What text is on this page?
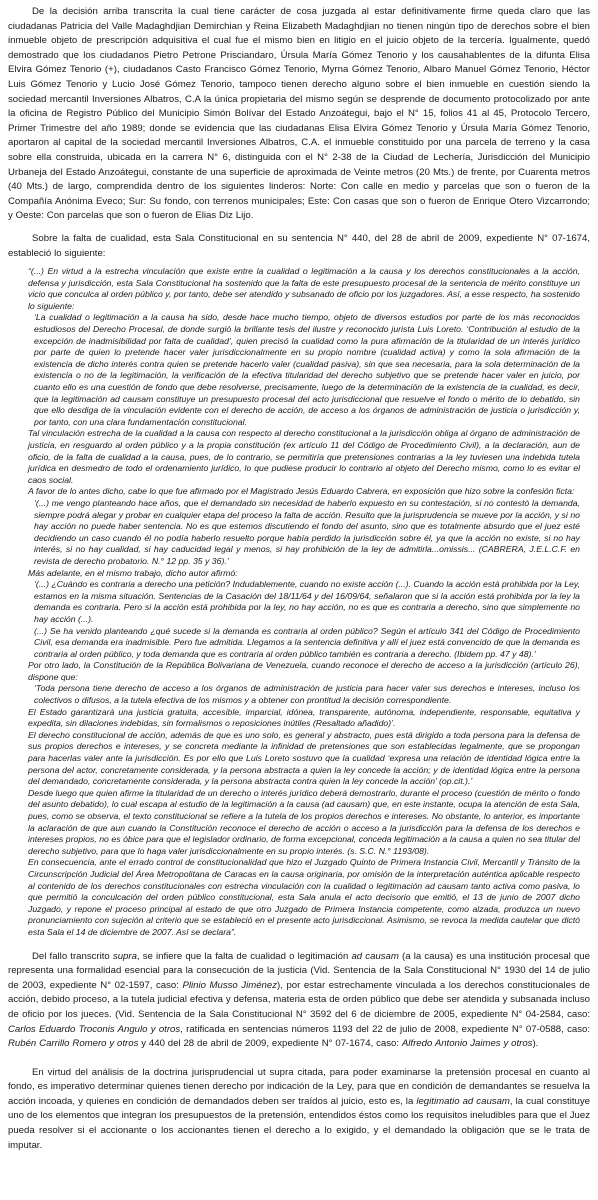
De la decisión arriba transcrita la cual tiene carácter de cosa juzgada al estar definitivamente firme queda claro que las ciudadanas Patricia del Valle Madaghdjian Demirchian y Reina Elizabeth Madaghdjian no tienen ningún tipo de derechos sobre el bien inmueble objeto de prescripción adquisitiva el cual fue el mismo bien en litigio en el juicio objeto de la tercería. Igualmente, quedó demostrado que los ciudadanos Pietro Petrone Prisciandaro, Úrsula María Gómez Tenorio y los causahablentes de la difunta Elisa Elvira Gómez Tenorio (+), ciudadanos Casto Francisco Gómez Tenorio, Myrna Gómez Tenorio, Albaro Manuel Gómez Tenorio, Héctor Luis Gómez Tenorio y Lucio José Gómez Tenorio, tampoco tienen derecho alguno sobre el bien inmueble en cuestión siendo la sociedad mercantil Inversiones Albatros, C.A la única propietaria del mismo según se desprende de documento protocolizado por ante la oficina de Registro Público del Municipio Simón Bolívar del Estado Anzoátegui, bajo el N° 15, folios 41 al 45, Protocolo Tercero, Primer Trimestre del año 1989; donde se evidencia que las ciudadanas Elisa Elvira Gómez Tenorio y Úrsula María Gómez Tenorio, aportaron al capital de la sociedad mercantil Inversiones Albatros, C.A. el inmueble constituido por una parcela de terreno y la casa sobre ella construida, ubicada en la carrera N° 6, distinguida con el N° 2-38 de la Ciudad de Lechería, Jurisdicción del Municipio Urbaneja del Estado Anzoátegui, constante de una superficie de aproximada de Veinte metros (20 Mts.) de frente, por Cuarenta metros (40 Mts.) de largo, comprendida dentro de los siguientes linderos: Norte: Con calle en medio y parcelas que son o fueron de la Compañía Anónima Eveco; Sur: Su fondo, con terrenos municipales; Este: Con casas que son o fueron de Enrique Otero Vizcarrondo; y Oeste: Con parcelas que son o fueron de Elias Diz Lijo.

Sobre la falta de cualidad, esta Sala Constitucional en su sentencia N° 440, del 28 de abril de 2009, expediente N° 07-1674, estableció lo siguiente:

“(...) En virtud a la estrecha vinculación que existe entre la cualidad o legitimación a la causa y los derechos constitucionales a la acción, defensa y jurisdicción, esta Sala Constitucional ha sostenido que la falta de este presupuesto procesal de la sentencia de mérito constituye un vicio que conculca al orden público y, por tanto, debe ser atendido y subsanado de oficio por los juzgadores. Así, a esse respecto, ha sostenido lo siguiente:

‘La cualidad o legitimación a la causa ha sido, desde hace mucho tiempo, objeto de diversos estudios por parte de los más reconocidos estudiosos del Derecho Procesal, de donde surgió la brillante tesis del ilustre y reconocido jurista Luis Loreto. ‘Contribución al estudio de la excepción de inadmisibilidad por falta de cualidad’, quien precisó la cualidad como la pura afirmación de la titularidad de un interés jurídico por parte de quien lo pretende hacer valer jurisdiccionalmente en su propio nombre (cualidad activa) y como la sola afirmación de la existencia de dicho interés contra quien se pretende hacerlo valer (cualidad pasiva), sin que sea necesaria, para la sola determinación de la existencia o no de la legitimación, la verificación de la efectiva titularidad del derecho subjetivo que se pretende hacer valer en juicio, por cuanto ello es una cuestión de fondo que debe resolverse, precisamente, luego de la determinación de la existencia de la cualidad, es decir, que la legitimación ad causam constituye un presupuesto procesal del acto jurisdiccional que resuelve el fondo o mérito de lo debatido, sin que ello desdiga de la vinculación evidente con el derecho de acción, de acceso a los órganos de administración de justicia o jurisdicción y, por tanto, con una clara fundamentación constitucional.

Tal vinculación estrecha de la cualidad a la causa con respecto al derecho constitucional a la jurisdicción obliga al órgano de administración de justicia, en resguardo al orden público y a la propia constitución (ex artículo 11 del Código de Procedimiento Civil), a la declaración, aun de oficio, de la falta de cualidad a la causa, pues, de lo contrario, se permitiría que pretensiones contrarias a la ley tuviesen una indebida tutela jurídica en desmedro de todo el ordenamiento jurídico, lo que pudiese producir lo contrario al objeto del Derecho mismo, como lo es evitar el caos social.

A favor de lo antes dicho, cabe lo que fue afirmado por el Magistrado Jesús Eduardo Cabrera, en exposición que hizo sobre la confesión ficta:

‘(...) me vengo planteando hace años, que el demandado sin necesidad de haberlo expuesto en su contestación, si no contestó la demanda, siempre podrá alegar y probar en cualquier etapa del proceso la falta de acción. Resulto que la jurisprudencia se mueve por la acción, y si no hay acción no puede haber sentencia. No es que estemos discutiendo el fondo del asunto, sino que es totalmente absurdo que el juez esté decidiendo un caso cuando él no podía haberlo resuelto porque había perdido la jurisdicción sobre él, ya que la acción no existe, si no hay interés, si no hay cualidad, si hay caducidad legal y menos, si hay prohibición de la ley de admitirla...omissis... (CABRERA, J.E.L.C.F. en revista de derecho probatorio. N.° 12 pp. 35 y 36).’

Más adelante, en el mismo trabajo, dicho autor afirmó:

‘(...) ¿Cuándo es contraria a derecho una petición? Indudablemente, cuando no existe acción (...). Cuando la acción está prohibida por la Ley, estamos en la misma situación. Sentencias de la Casación del 18/11/64 y del 16/09/64, señalaron que si la acción está prohibida por la ley la demanda es contraria. Pero si la acción está prohibida por la ley, no hay acción, no es que es contraria a derecho, sino que simplemente no hay acción (...).

(...) Se ha venido planteando ¿qué sucede si la demanda es contraria al orden público? Según el artículo 341 del Código de Procedimiento Civil, esa demanda era inadmisible. Pero fue admitida. Llegamos a la sentencia definitiva y allí el juez está convencido de que la demanda es contraria al orden público, y toda demanda que es contraria al orden público también es contraria a derecho. (Ibidem pp. 47 y 48).’

Por otro lado, la Constitución de la República Bolivariana de Venezuela, cuando reconoce el derecho de acceso a la jurisdicción (artículo 26), dispone que:

‘Toda persona tiene derecho de acceso a los órganos de administración de justicia para hacer valer sus derechos e intereses, incluso los colectivos o difusos, a la tutela efectiva de los mismos y a obtener con prontitud la decisión correspondiente.

El Estado garantizará una justicia gratuita, accesible, imparcial, idónea, transparente, autónoma, independiente, responsable, equitativa y expedita, sin dilaciones indebidas, sin formalismos o reposiciones inútiles (Resaltado añadido)’.

El derecho constitucional de acción, además de que es uno solo, es general y abstracto, pues está dirigido a toda persona para la defensa de sus propios derechos e intereses, y se concreta mediante la infinidad de pretensiones que son establecidas legalmente, que se propongan para hacerlas valer ante la jurisdicción. Es por ello que Luis Loreto sostuvo que la cualidad ‘expresa una relación de identidad lógica entre la persona del actor, concretamente considerada, y la persona abstracta a quien la ley concede la acción; y de identidad lógica entre la persona del demandado, concretamente considerada, y la persona abstracta contra quien la ley concede la acción’ (op.cit.).’

Desde luego que quien afirme la titularidad de un derecho o interés jurídico deberá demostrarlo, durante el proceso (cuestión de mérito o fondo del asunto debatido), lo cual escapa al estudio de la legitimación a la causa (ad causam) que, en este instante, ocupa la atención de esta Sala, pues, como se observa, el texto constitucional se refiere a la tutela de los propios derechos e intereses. No obstante, lo anterior, es importante la aclaración de que aun cuando la Constitución reconoce el derecho de acción o acceso a la jurisdicción para la defensa de los derechos e intereses propios, no es óbice para que el legislador ordinario, de forma excepcional, conceda legitimación a la causa a quien no sea titular del derecho subjetivo, para que lo haga valer jurisdiccionalmente en su propio interés. (s. S.C. N.° 1193/08).

En consecuencia, ante el errado control de constitucionalidad que hizo el Juzgado Quinto de Primera Instancia Civil, Mercantil y Tránsito de la Circunscripción Judicial del Área Metropolitana de Caracas en la causa originaria, por omisión de la interpretación auténtica aplicable respecto al contenido de los derechos constitucionales con estrecha vinculación con la cualidad o legitimación ad causam tanto activa como pasiva, lo que permitió la conculcación del orden público constitucional, esta Sala anula el acto decisorio que emitió, el 13 de junio de 2007 dicho Juzgado, y repone el proceso principal al estado de que otro Juzgado de Primera Instancia competente, como alzada, produzca un nuevo pronunciamiento con sujeción al criterio que se estableció en el presente acto jurisdiccional. Asimismo, se revoca la medida cautelar que dictó esta Sala el 14 de diciembre de 2007. Así se declara”.

Del fallo transcrito supra, se infiere que la falta de cualidad o legitimación ad causam (a la causa) es una institución procesal que representa una formalidad esencial para la consecución de la justicia (Vid. Sentencia de la Sala Constitucional N° 1930 del 14 de julio de 2003, expediente N° 02-1597, caso: Plinio Musso Jiménez), por estar estrechamente vinculada a los derechos constitucionales de acción, debido proceso, a la tutela judicial efectiva y defensa, materia esta de orden público que debe ser atendida y subsanada incluso de oficio por los jueces. (Vid. Sentencia de la Sala Constitucional N° 3592 del 6 de diciembre de 2005, expediente N° 04-2584, caso: Carlos Eduardo Troconis Angulo y otros, ratificada en sentencias números 1193 del 22 de julio de 2008, expediente N° 07-0588, caso: Rubén Carrillo Romero y otros y 440 del 28 de abril de 2009, expediente N° 07-1674, caso: Alfredo Antonio Jaimes y otros).

En virtud del análisis de la doctrina jurisprudencial ut supra citada, para poder examinarse la pretensión procesal en cuanto al fondo, es imperativo determinar quienes tienen derecho por indicación de la Ley, para que en condición de demandantes se resuelva la acción incoada, y quienes en condición de demandados deben ser traídos al juicio, esto es, la legitimatio ad causam, la cual constituye uno de los elementos que integran los presupuestos de la pretensión, entendidos éstos como los requisitos ineludibles para que el Juez pueda resolver si el accionante o los accionantes tienen el derecho a lo exigido, y el demandado la obligación que se le trata de imputar.
